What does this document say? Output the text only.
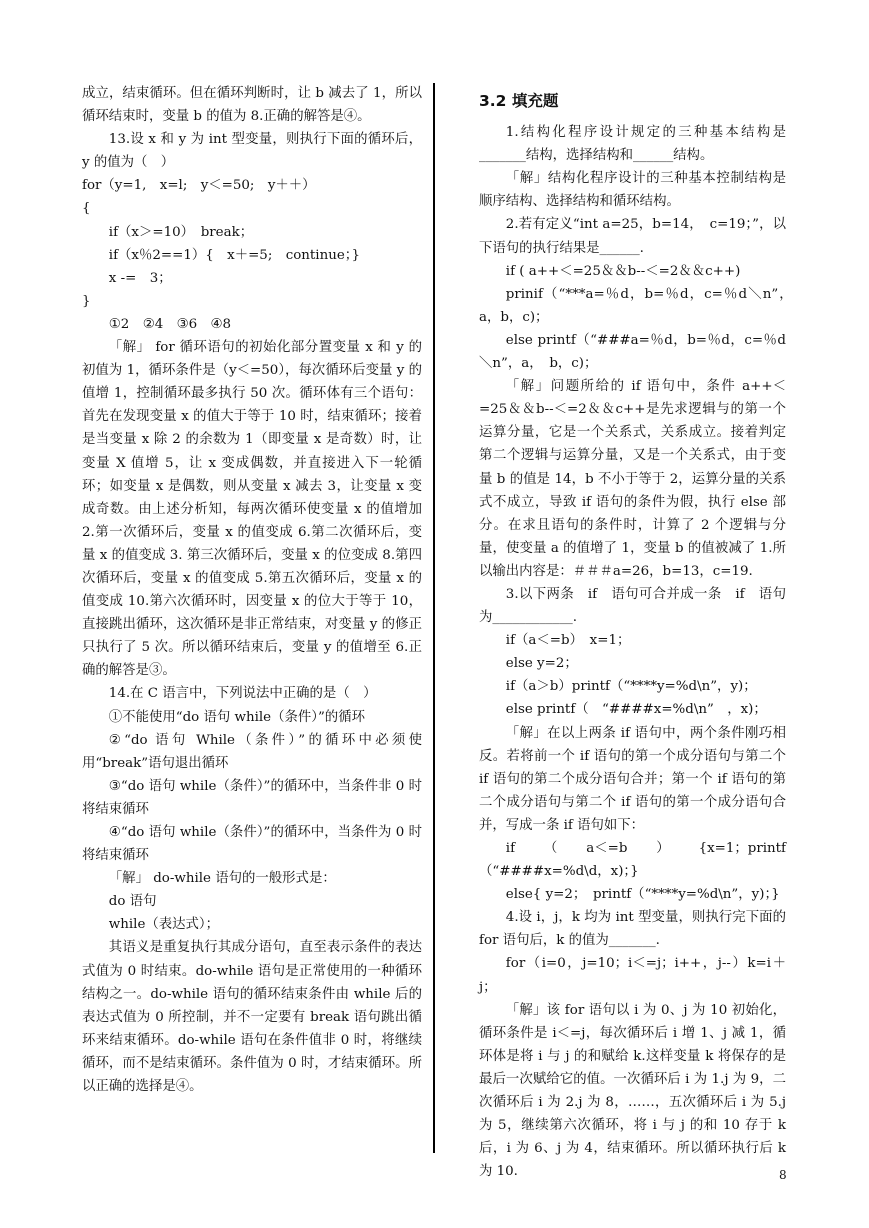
成立，结束循环。但在循环判断时，让 b 减去了 1，所以循环结束时，变量 b 的值为 8.正确的解答是④。
13.设 x 和 y 为 int 型变量，则执行下面的循环后，y 的值为（　）
for（y=1,　x=l;　y＜=50;　y＋＋）
{
if（x＞=10）　break；
if（x％2==1）{　x＋=5;　continue；}
x -=　3；
}
①2　②4　③6　④8
「解」 for 循环语句的初始化部分置变量 x 和 y 的初值为 1，循环条件是（y＜=50），每次循环后变量 y 的值增 1，控制循环最多执行 50 次。循环体有三个语句：首先在发现变量 x 的值大于等于 10 时，结束循环；接着是当变量 x 除 2 的余数为 1（即变量 x 是奇数）时，让变量 X 值增 5，让 x 变成偶数，并直接进入下一轮循环；如变量 x 是偶数，则从变量 x 减去 3，让变量 x 变成奇数。由上述分析知，每两次循环使变量 x 的值增加 2.第一次循环后，变量 x 的值变成 6.第二次循环后，变量 x 的值变成 3. 第三次循环后，变量 x 的位变成 8.第四次循环后，变量 x 的值变成 5.第五次循环后，变量 x 的值变成 10.第六次循环时，因变量 x 的位大于等于 10，直接跳出循环，这次循环是非正常结束，对变量 y 的修正只执行了 5 次。所以循环结束后，变量 y 的值增至 6.正确的解答是③。
14.在 C 语言中，下列说法中正确的是（　）
①不能使用“do 语句 while（条件）”的循环
②“do 语句 While（条件）”的循环中必须使用“break”语句退出循环
③“do 语句 while（条件）”的循环中，当条件非 0 时将结束循环
④“do 语句 while（条件）”的循环中，当条件为 0 时将结束循环
「解」 do-while 语句的一般形式是：
do 语句
while（表达式）；
其语义是重复执行其成分语句，直至表示条件的表达式值为 0 时结束。do-while 语句是正常使用的一种循环结构之一。do-while 语句的循环结束条件由 while 后的表达式值为 0 所控制，并不一定要有 break 语句跳出循环来结束循环。do-while 语句在条件值非 0 时，将继续循环，而不是结束循环。条件值为 0 时，才结束循环。所以正确的选择是④。
3.2 填充题
1.结构化程序设计规定的三种基本结构是_______结构，选择结构和______结构。
「解」结构化程序设计的三种基本控制结构是顺序结构、选择结构和循环结构。
2.若有定义“int a=25，b=14，　c=19；”，以下语句的执行结果是______.
if ( a++＜=25＆＆b--＜=2＆＆c++)
prinif（“***a=％d，b=％d，c=％d＼n”，　a，b，c)；
else printf（“###a=％d，b=％d，c=％d＼n”，a，　b，c)；
「解」问题所给的 if 语句中，条件 a++＜=25＆＆b--＜=2＆＆c++是先求逻辑与的第一个运算分量，它是一个关系式，关系成立。接着判定第二个逻辑与运算分量，又是一个关系式，由于变量 b 的值是 14，b 不小于等于 2，运算分量的关系式不成立，导致 if 语句的条件为假，执行 else 部分。在求且语句的条件时，计算了 2 个逻辑与分量，使变量 a 的值增了 1，变量 b 的值被减了 1.所以输出内容是：＃＃＃a=26，b=13，c=19.
3.以下两条　if　语句可合并成一条　if　语句为____________.
if（a＜=b）　x=1；
else y=2；
if（a＞b）printf（“****y=%d\n”，y)；
else printf（　“####x=%d\n”　，x)；
「解」在以上两条 if 语句中，两个条件刚巧相反。若将前一个 if 语句的第一个成分语句与第二个 if 语句的第二个成分语句合并；第一个 if 语句的第二个成分语句与第二个 if 语句的第一个成分语句合并，写成一条 if 语句如下：
if（a＜=b）{x=1；printf（“####x=%d\d，x)；}
else{ y=2；　printf（“****y=%d\n”，y)；}
4.设 i，j，k 均为 int 型变量，则执行完下面的 for 语句后，k 的值为_______.
for（i=0，j=10；i＜=j；i++，j--）k=i＋j；
「解」该 for 语句以 i 为 0、j 为 10 初始化，循环条件是 i＜=j，每次循环后 i 增 1、j 减 1，循环体是将 i 与 j 的和赋给 k.这样变量 k 将保存的是最后一次赋给它的值。一次循环后 i 为 1.j 为 9，二次循环后 i 为 2.j 为 8，……，五次循环后 i 为 5.j 为 5，继续第六次循环，将 i 与 j 的和 10 存于 k 后，i 为 6、j 为 4，结束循环。所以循环执行后 k 为 10.	8
